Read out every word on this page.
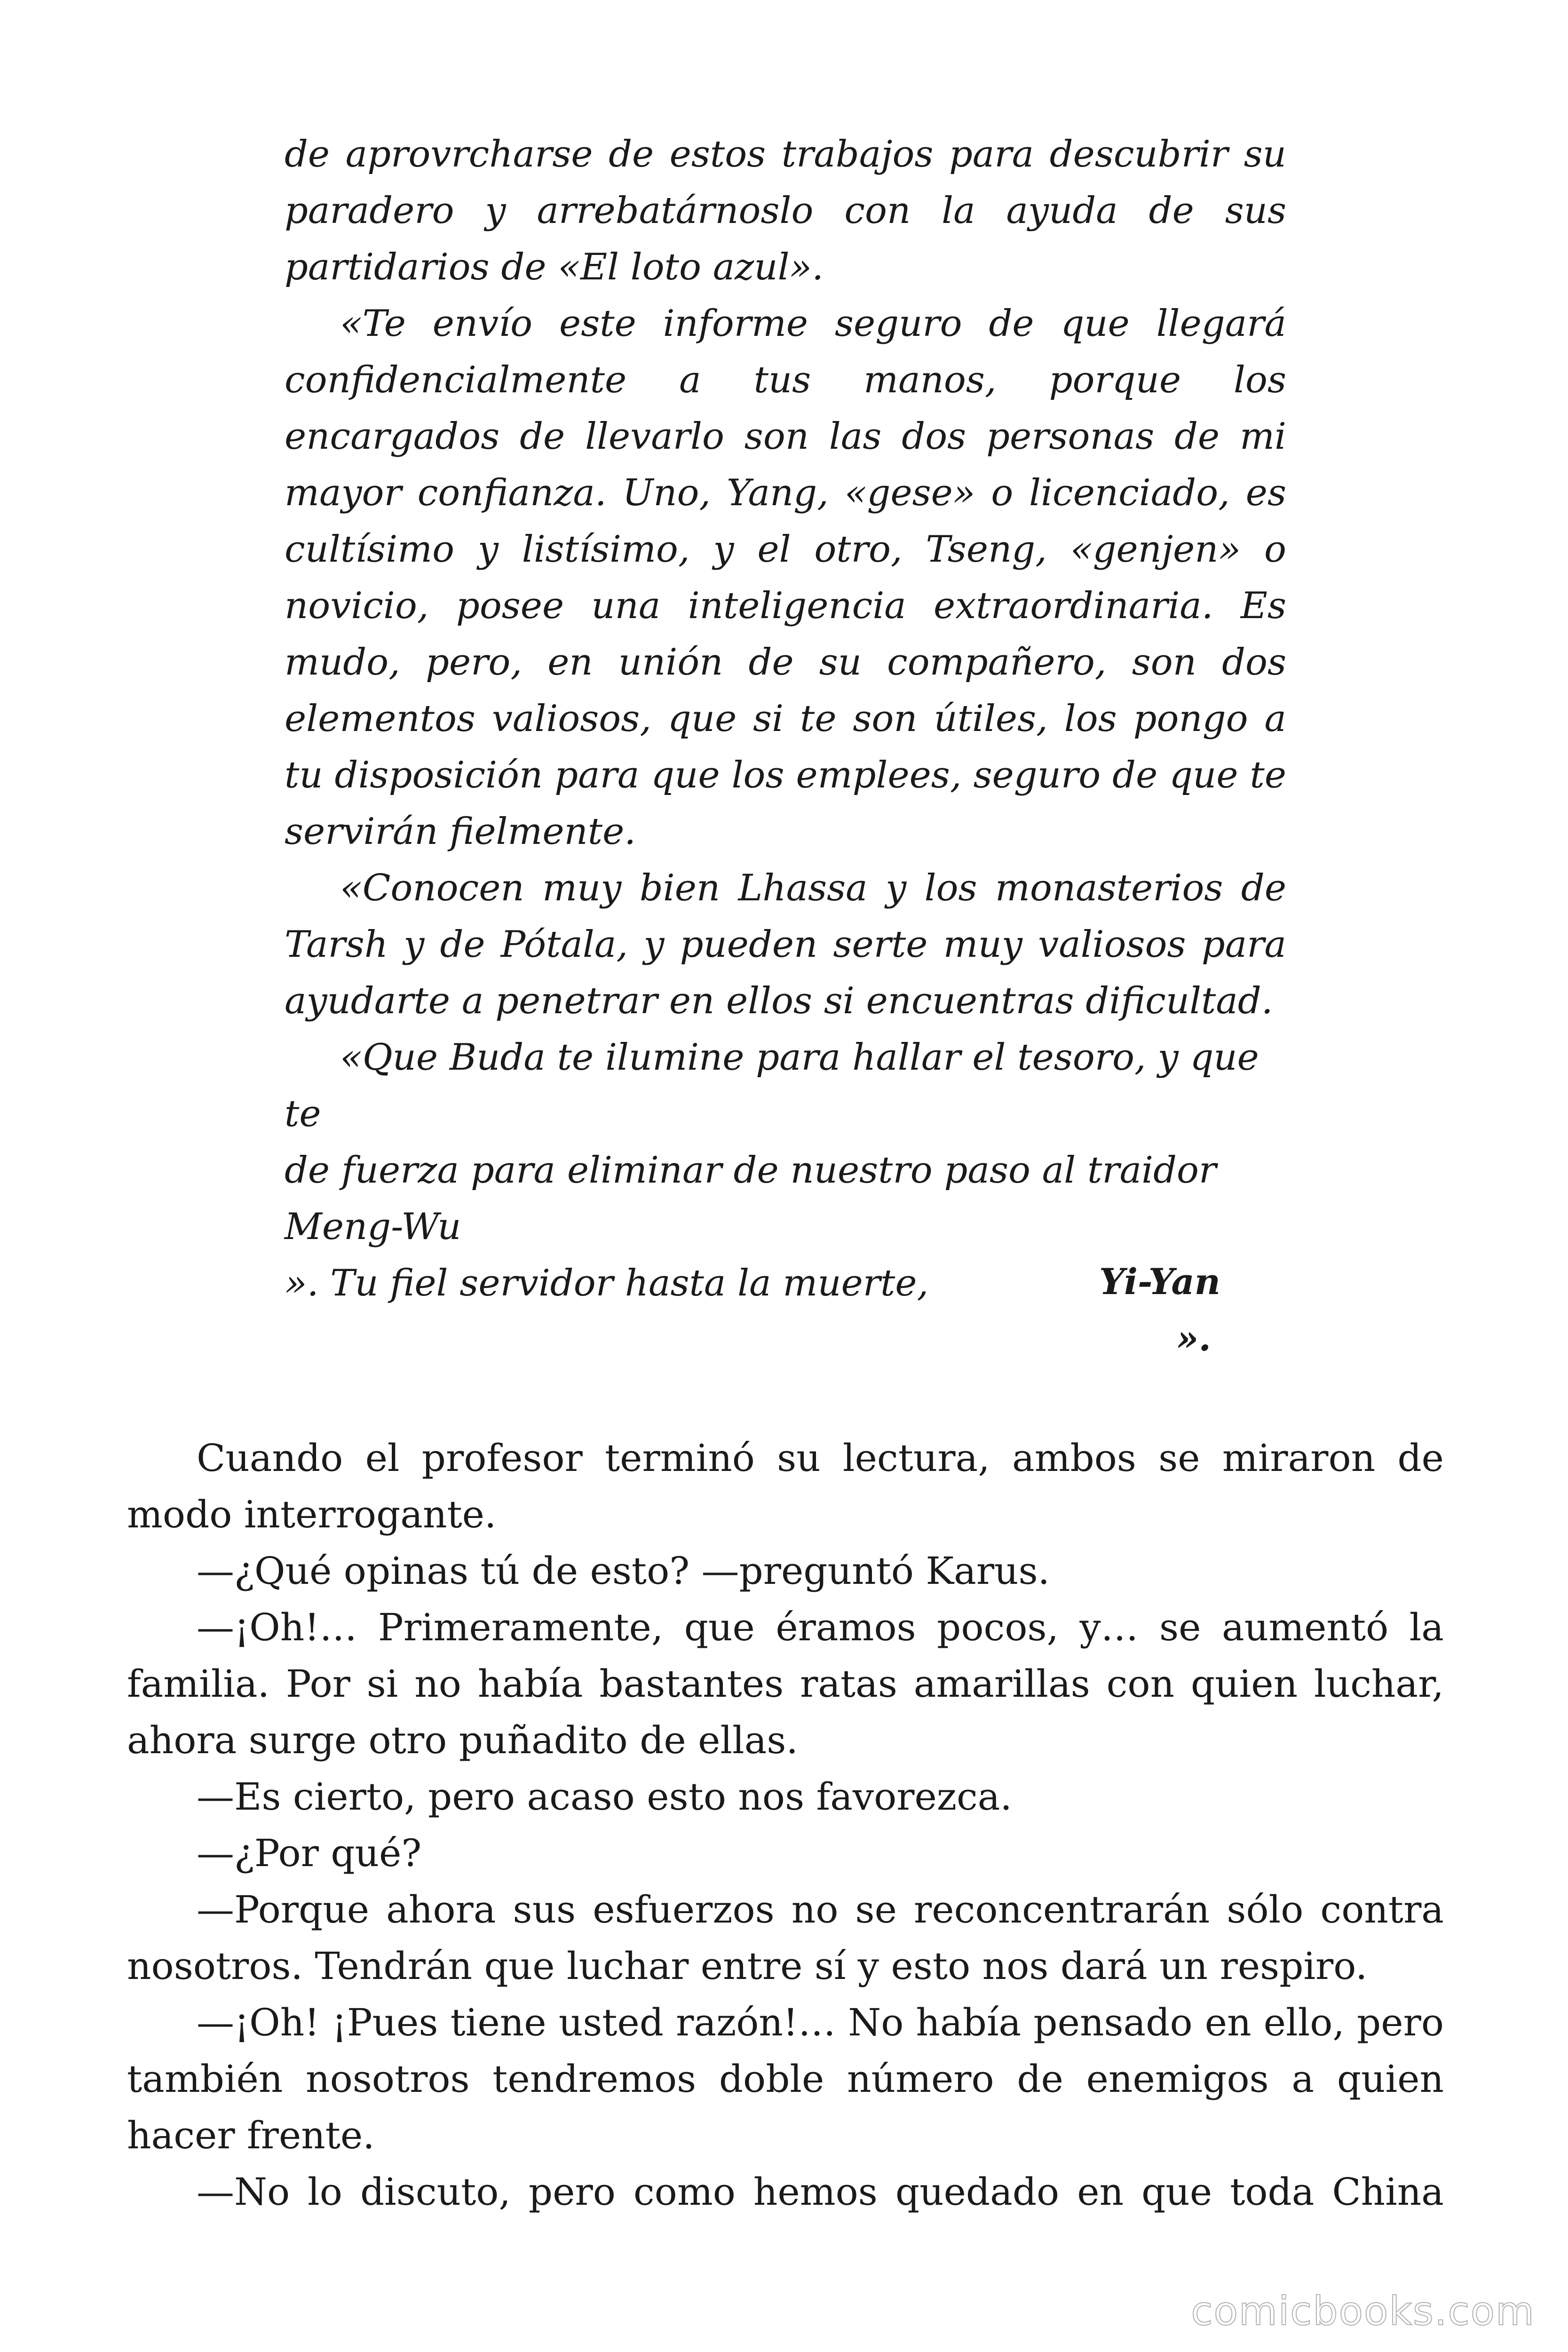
de aprovrcharse de estos trabajos para descubrir su paradero y arrebatárnoslo con la ayuda de sus partidarios de «El loto azul».

«Te envío este informe seguro de que llegará confidencialmente a tus manos, porque los encargados de llevarlo son las dos personas de mi mayor confianza. Uno, Yang, «gese» o licenciado, es cultísimo y listísimo, y el otro, Tseng, «genjen» o novicio, posee una inteligencia extraordinaria. Es mudo, pero, en unión de su compañero, son dos elementos valiosos, que si te son útiles, los pongo a tu disposición para que los emplees, seguro de que te servirán fielmente.

«Conocen muy bien Lhassa y los monasterios de Tarsh y de Pótala, y pueden serte muy valiosos para ayudarte a penetrar en ellos si encuentras dificultad.

«Que Buda te ilumine para hallar el tesoro, y que te

de fuerza para eliminar de nuestro paso al traidor

Meng-Wu

». Tu fiel servidor hasta la muerte,	Yi-Yan
».

Cuando el profesor terminó su lectura, ambos se miraron de modo interrogante.

—¿Qué opinas tú de esto? —preguntó Karus.

—¡Oh!… Primeramente, que éramos pocos, y… se aumentó la familia. Por si no había bastantes ratas amarillas con quien luchar, ahora surge otro puñadito de ellas.

—Es cierto, pero acaso esto nos favorezca.

—¿Por qué?

—Porque ahora sus esfuerzos no se reconcentrarán sólo contra nosotros. Tendrán que luchar entre sí y esto nos dará un respiro.

—¡Oh! ¡Pues tiene usted razón!… No había pensado en ello, pero también nosotros tendremos doble número de enemigos a quien hacer frente.

—No lo discuto, pero como hemos quedado en que toda China

comicbooks.com
